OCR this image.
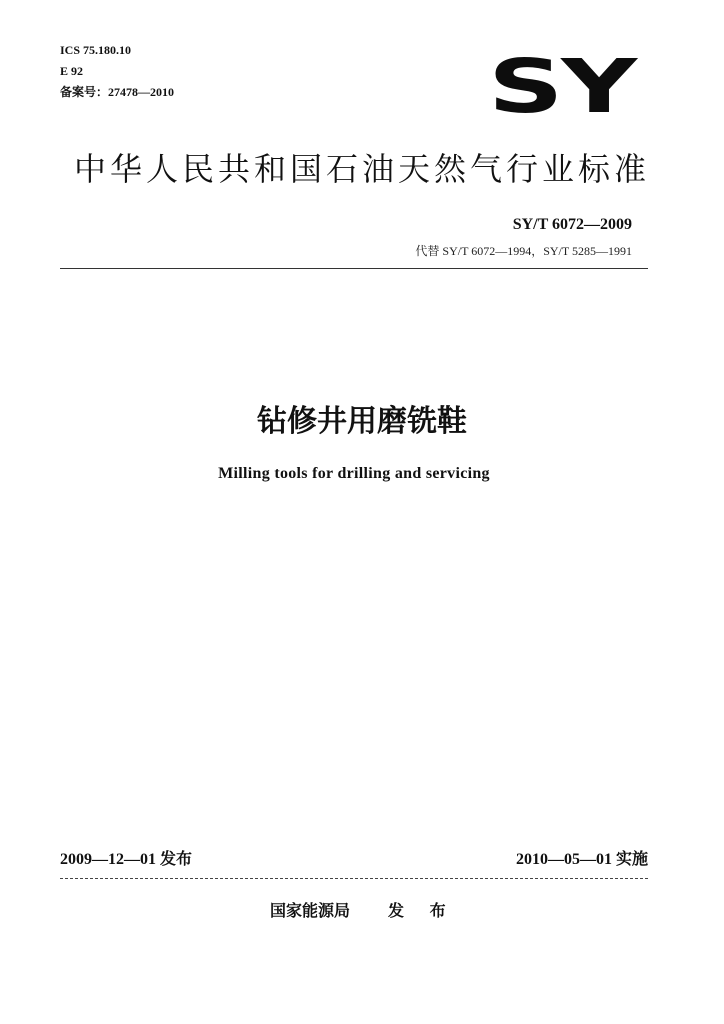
ICS 75.180.10
E 92
备案号：27478—2010	SY
中华人民共和国石油天然气行业标准
SY/T 6072—2009
代替 SY/T 6072—1994，SY/T 5285—1991
钻修井用磨铣鞋
Milling tools for drilling and servicing
2009—12—01 发布	2010—05—01 实施
国家能源局 发 布
